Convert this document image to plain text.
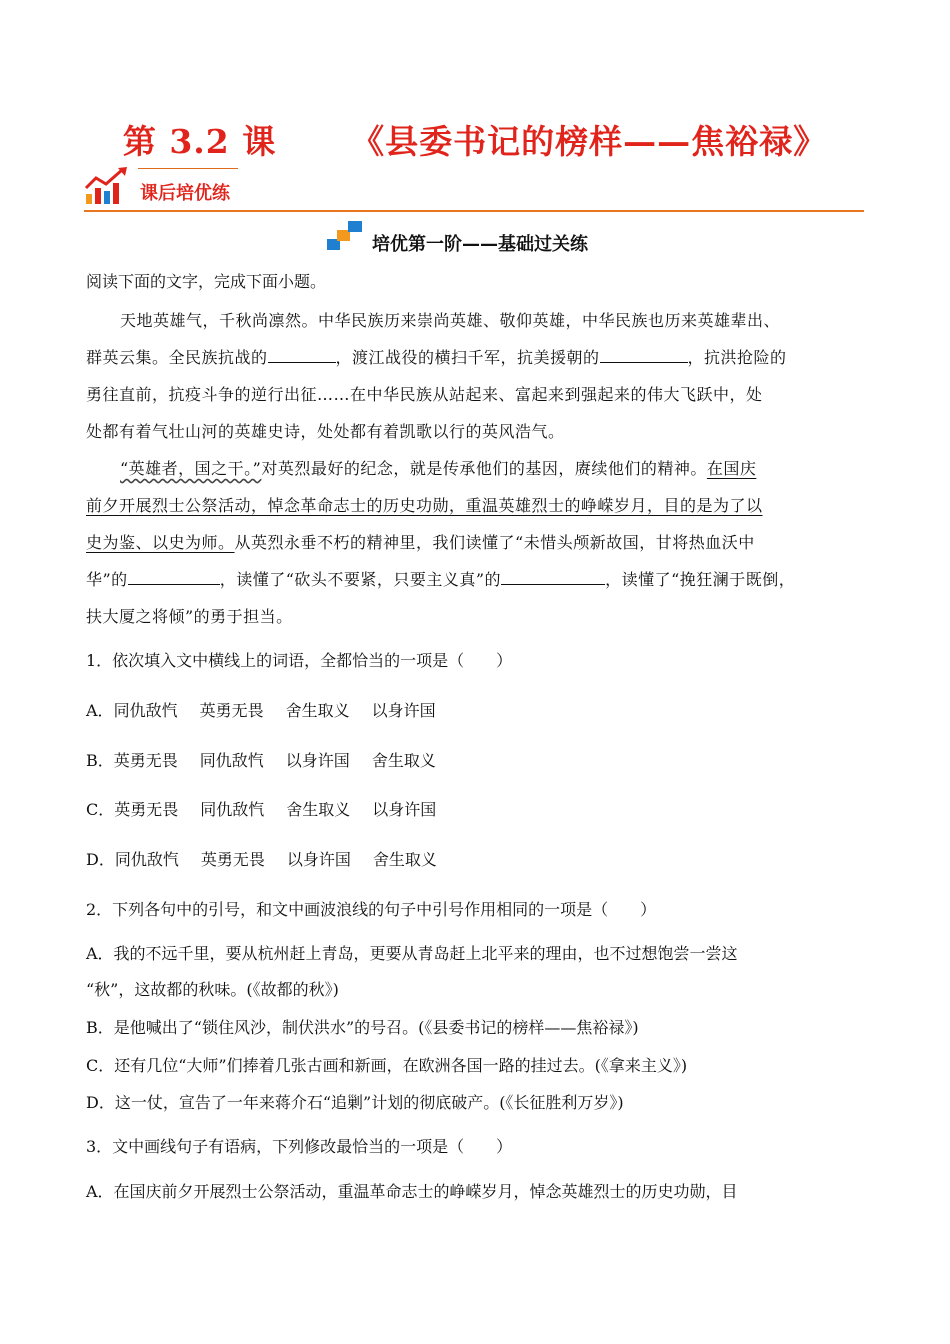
第 3.2 课 《县委书记的榜样——焦裕禄》
课后培优练
培优第一阶——基础过关练
阅读下面的文字，完成下面小题。
天地英雄气，千秋尚凛然。中华民族历来崇尚英雄、敬仰英雄，中华民族也历来英雄辈出、
群英云集。全民族抗战的	，渡江战役的横扫千军，抗美援朝的	，抗洪抢险的
勇往直前，抗疫斗争的逆行出征……在中华民族从站起来、富起来到强起来的伟大飞跃中，处
处都有着气壮山河的英雄史诗，处处都有着凯歌以行的英风浩气。
“英雄者，国之干。”对英烈最好的纪念，就是传承他们的基因，赓续他们的精神。在国庆
前夕开展烈士公祭活动，悼念革命志士的历史功勋，重温英雄烈士的峥嵘岁月，目的是为了以
史为鉴、以史为师。从英烈永垂不朽的精神里，我们读懂了“未惜头颅新故国，甘将热血沃中
华”的	，读懂了“砍头不要紧，只要主义真”的	，读懂了“挽狂澜于既倒，
扶大厦之将倾”的勇于担当。
1．依次填入文中横线上的词语，全都恰当的一项是（　　）
A．同仇敌忾 英勇无畏 舍生取义 以身许国
B．英勇无畏 同仇敌忾 以身许国 舍生取义
C．英勇无畏 同仇敌忾 舍生取义 以身许国
D．同仇敌忾 英勇无畏 以身许国 舍生取义
2．下列各句中的引号，和文中画波浪线的句子中引号作用相同的一项是（　　）
A．我的不远千里，要从杭州赶上青岛，更要从青岛赶上北平来的理由，也不过想饱尝一尝这
“秋”，这故都的秋味。(《故都的秋》)
B．是他喊出了“锁住风沙，制伏洪水”的号召。(《县委书记的榜样——焦裕禄》)
C．还有几位“大师”们捧着几张古画和新画，在欧洲各国一路的挂过去。(《拿来主义》)
D．这一仗，宣告了一年来蒋介石“追剿”计划的彻底破产。(《长征胜利万岁》)
3．文中画线句子有语病，下列修改最恰当的一项是（　　）
A．在国庆前夕开展烈士公祭活动，重温革命志士的峥嵘岁月，悼念英雄烈士的历史功勋，目
